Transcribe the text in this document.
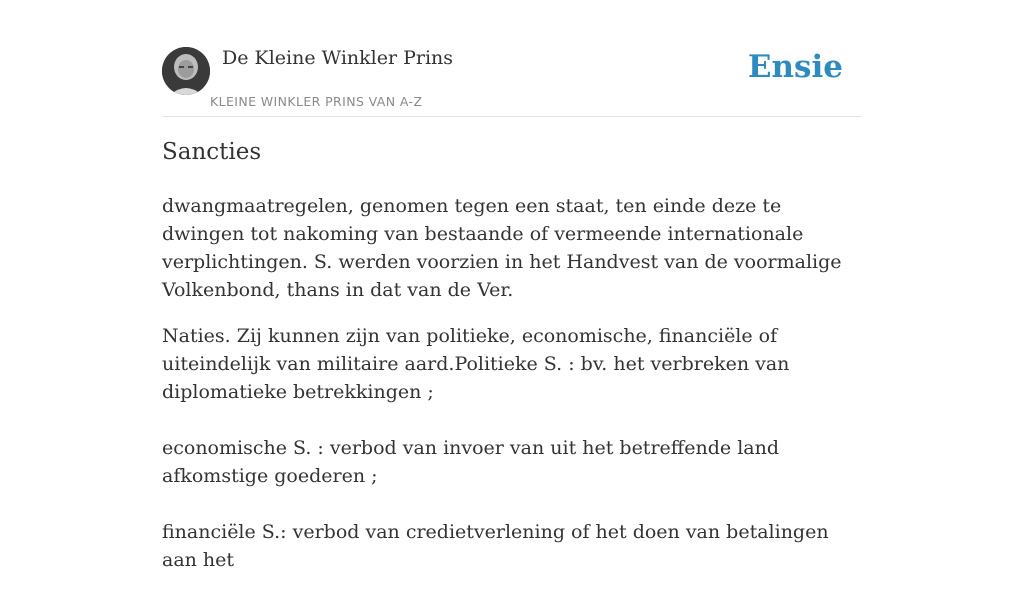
De Kleine Winkler Prins
KLEINE WINKLER PRINS VAN A-Z
Ensie
Sancties

dwangmaatregelen, genomen tegen een staat, ten einde deze te dwingen tot nakoming van bestaande of vermeende internationale verplichtingen. S. werden voorzien in het Handvest van de voormalige Volkenbond, thans in dat van de Ver.

Naties. Zij kunnen zijn van politieke, economische, financiële of uiteindelijk van militaire aard.Politieke S. : bv. het verbreken van diplomatieke betrekkingen ;

economische S. : verbod van invoer van uit het betreffende land afkomstige goederen ;

financiële S.: verbod van credietverlening of het doen van betalingen aan het
